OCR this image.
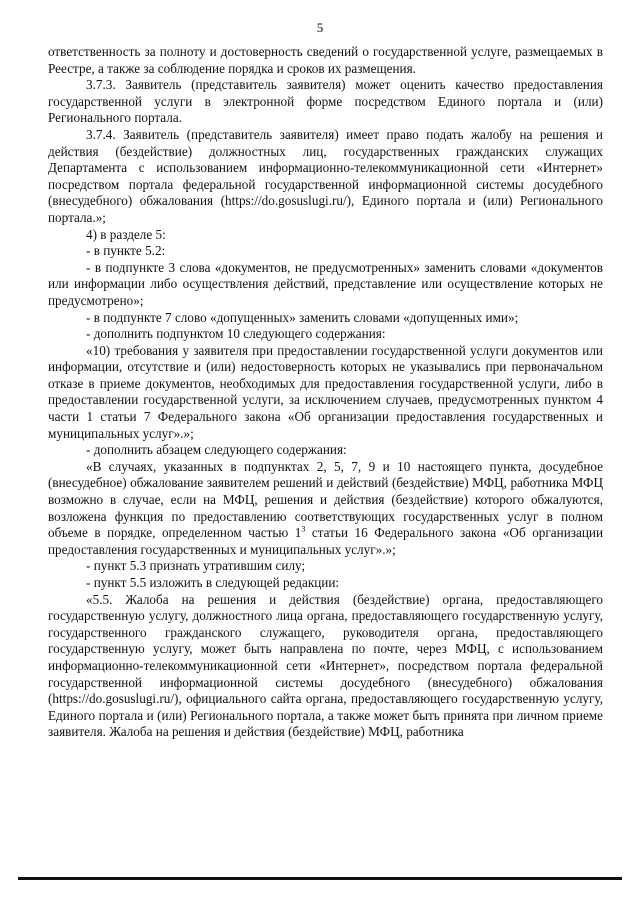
5

ответственность за полноту и достоверность сведений о государственной услуге, размещаемых в Реестре, а также за соблюдение порядка и сроков их размещения.

3.7.3. Заявитель (представитель заявителя) может оценить качество предоставления государственной услуги в электронной форме посредством Единого портала и (или) Регионального портала.

3.7.4. Заявитель (представитель заявителя) имеет право подать жалобу на решения и действия (бездействие) должностных лиц, государственных гражданских служащих Департамента с использованием информационно-телекоммуникационной сети «Интернет» посредством портала федеральной государственной информационной системы досудебного (внесудебного) обжалования (https://do.gosuslugi.ru/), Единого портала и (или) Регионального портала.»;

4) в разделе 5:

- в пункте 5.2:

- в подпункте 3 слова «документов, не предусмотренных» заменить словами «документов или информации либо осуществления действий, представление или осуществление которых не предусмотрено»;

- в подпункте 7 слово «допущенных» заменить словами «допущенных ими»;

- дополнить подпунктом 10 следующего содержания:

«10) требования у заявителя при предоставлении государственной услуги документов или информации, отсутствие и (или) недостоверность которых не указывались при первоначальном отказе в приеме документов, необходимых для предоставления государственной услуги, либо в предоставлении государственной услуги, за исключением случаев, предусмотренных пунктом 4 части 1 статьи 7 Федерального закона «Об организации предоставления государственных и муниципальных услуг».»;

- дополнить абзацем следующего содержания:

«В случаях, указанных в подпунктах 2, 5, 7, 9 и 10 настоящего пункта, досудебное (внесудебное) обжалование заявителем решений и действий (бездействие) МФЦ, работника МФЦ возможно в случае, если на МФЦ, решения и действия (бездействие) которого обжалуются, возложена функция по предоставлению соответствующих государственных услуг в полном объеме в порядке, определенном частью $1^3$ статьи 16 Федерального закона «Об организации предоставления государственных и муниципальных услуг».»;

- пункт 5.3 признать утратившим силу;

- пункт 5.5 изложить в следующей редакции:

«5.5. Жалоба на решения и действия (бездействие) органа, предоставляющего государственную услугу, должностного лица органа, предоставляющего государственную услугу, государственного гражданского служащего, руководителя органа, предоставляющего государственную услугу, может быть направлена по почте, через МФЦ, с использованием информационно-телекоммуникационной сети «Интернет», посредством портала федеральной государственной информационной системы досудебного (внесудебного) обжалования (https://do.gosuslugi.ru/), официального сайта органа, предоставляющего государственную услугу, Единого портала и (или) Регионального портала, а также может быть принята при личном приеме заявителя. Жалоба на решения и действия (бездействие) МФЦ, работника
